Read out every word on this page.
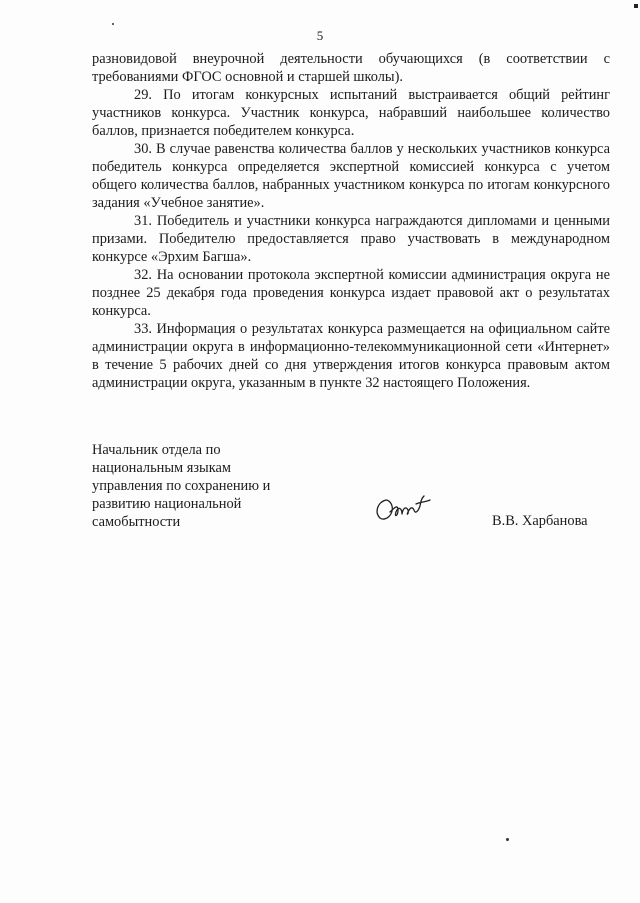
5

разновидовой внеурочной деятельности обучающихся (в соответствии с требованиями ФГОС основной и старшей школы).

29. По итогам конкурсных испытаний выстраивается общий рейтинг участников конкурса. Участник конкурса, набравший наибольшее количество баллов, признается победителем конкурса.

30. В случае равенства количества баллов у нескольких участников конкурса победитель конкурса определяется экспертной комиссией конкурса с учетом общего количества баллов, набранных участником конкурса по итогам конкурсного задания «Учебное занятие».

31. Победитель и участники конкурса награждаются дипломами и ценными призами. Победителю предоставляется право участвовать в международном конкурсе «Эрхим Багша».

32. На основании протокола экспертной комиссии администрация округа не позднее 25 декабря года проведения конкурса издает правовой акт о результатах конкурса.

33. Информация о результатах конкурса размещается на официальном сайте администрации округа в информационно-телекоммуникационной сети «Интернет» в течение 5 рабочих дней со дня утверждения итогов конкурса правовым актом администрации округа, указанным в пункте 32 настоящего Положения.

Начальник отдела по
национальным языкам
управления по сохранению и
развитию национальной
самобытности	В.В. Харбанова
